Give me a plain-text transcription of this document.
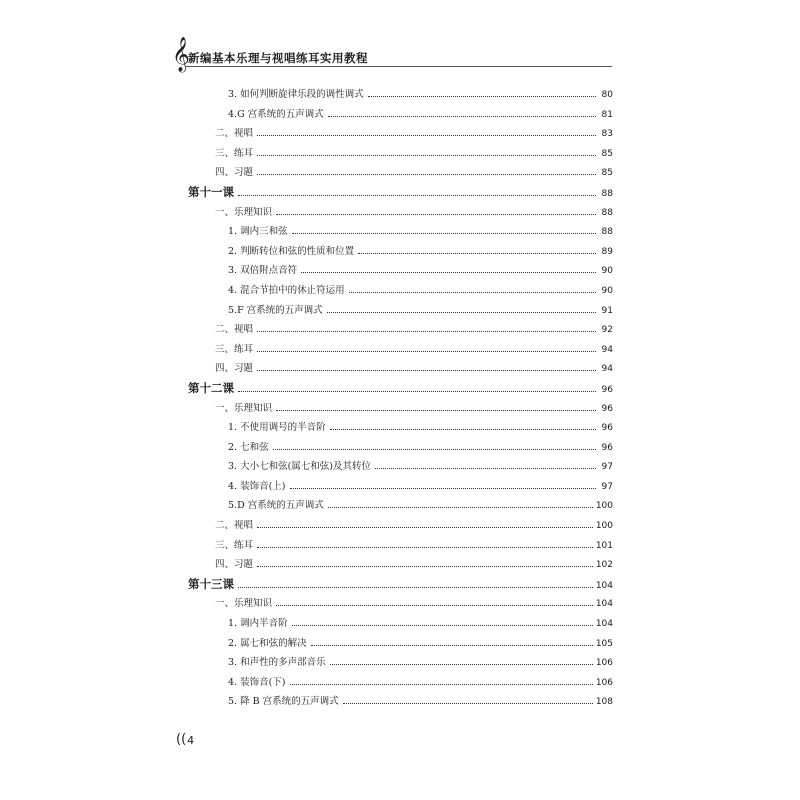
𝄞
新编基本乐理与视唱练耳实用教程
3. 如何判断旋律乐段的调性调式	80
4.G 宫系统的五声调式	81
二、视唱	83
三、练耳	85
四、习题	85
第十一课	88
一、乐理知识	88
1. 调内三和弦	88
2. 判断转位和弦的性质和位置	89
3. 双倍附点音符	90
4. 混合节拍中的休止符运用	90
5.F 宫系统的五声调式	91
二、视唱	92
三、练耳	94
四、习题	94
第十二课	96
一、乐理知识	96
1. 不使用调号的半音阶	96
2. 七和弦	96
3. 大小七和弦(属七和弦)及其转位	97
4. 装饰音(上)	97
5.D 宫系统的五声调式	100
二、视唱	100
三、练耳	101
四、习题	102
第十三课	104
一、乐理知识	104
1. 调内半音阶	104
2. 属七和弦的解决	105
3. 和声性的多声部音乐	106
4. 装饰音(下)	106
5. 降 B 宫系统的五声调式	108
(( 4
